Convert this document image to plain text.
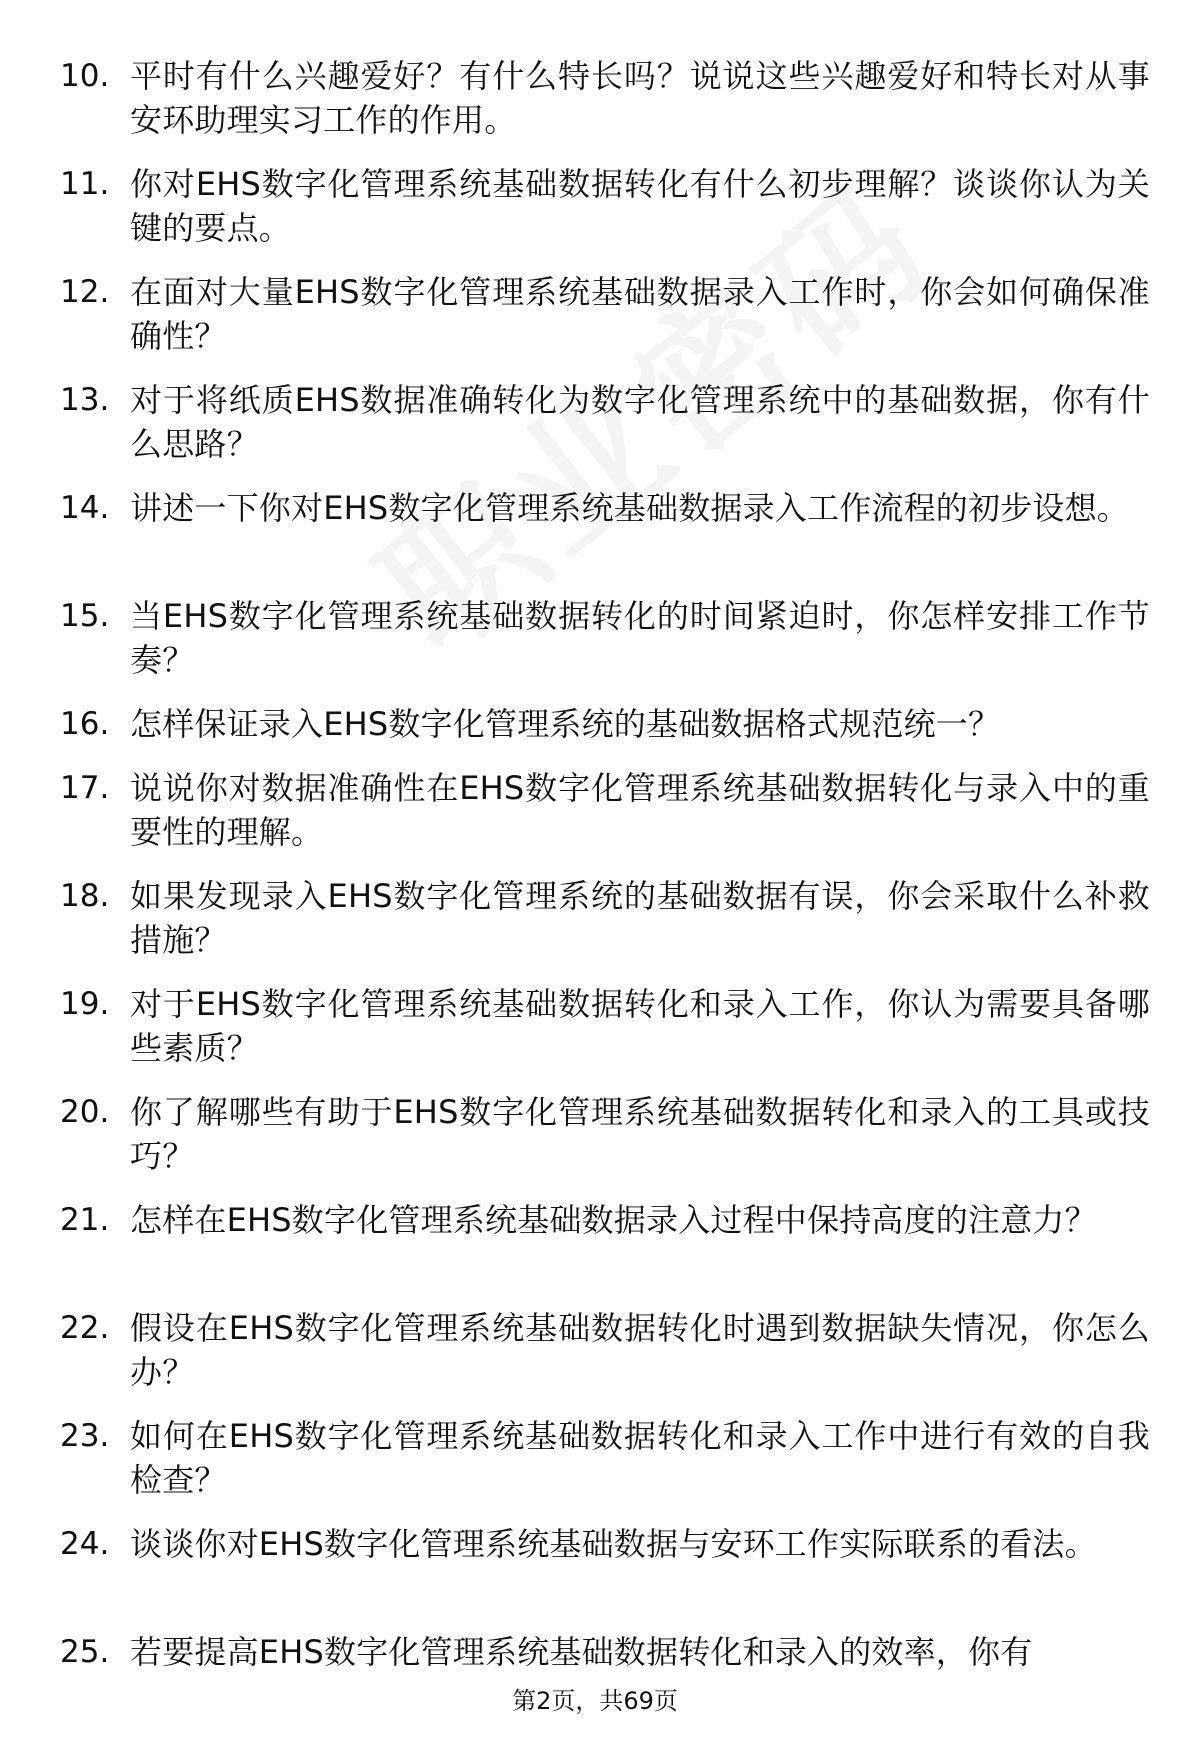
10. 平时有什么兴趣爱好？有什么特长吗？说说这些兴趣爱好和特长对从事安环助理实习工作的作用。
11. 你对EHS数字化管理系统基础数据转化有什么初步理解？谈谈你认为关键的要点。
12. 在面对大量EHS数字化管理系统基础数据录入工作时，你会如何确保准确性？
13. 对于将纸质EHS数据准确转化为数字化管理系统中的基础数据，你有什么思路？
14. 讲述一下你对EHS数字化管理系统基础数据录入工作流程的初步设想。
15. 当EHS数字化管理系统基础数据转化的时间紧迫时，你怎样安排工作节奏？
16. 怎样保证录入EHS数字化管理系统的基础数据格式规范统一？
17. 说说你对数据准确性在EHS数字化管理系统基础数据转化与录入中的重要性的理解。
18. 如果发现录入EHS数字化管理系统的基础数据有误，你会采取什么补救措施？
19. 对于EHS数字化管理系统基础数据转化和录入工作，你认为需要具备哪些素质？
20. 你了解哪些有助于EHS数字化管理系统基础数据转化和录入的工具或技巧？
21. 怎样在EHS数字化管理系统基础数据录入过程中保持高度的注意力？
22. 假设在EHS数字化管理系统基础数据转化时遇到数据缺失情况，你怎么办？
23. 如何在EHS数字化管理系统基础数据转化和录入工作中进行有效的自我检查？
24. 谈谈你对EHS数字化管理系统基础数据与安环工作实际联系的看法。
25. 若要提高EHS数字化管理系统基础数据转化和录入的效率，你有
第2页，共69页
